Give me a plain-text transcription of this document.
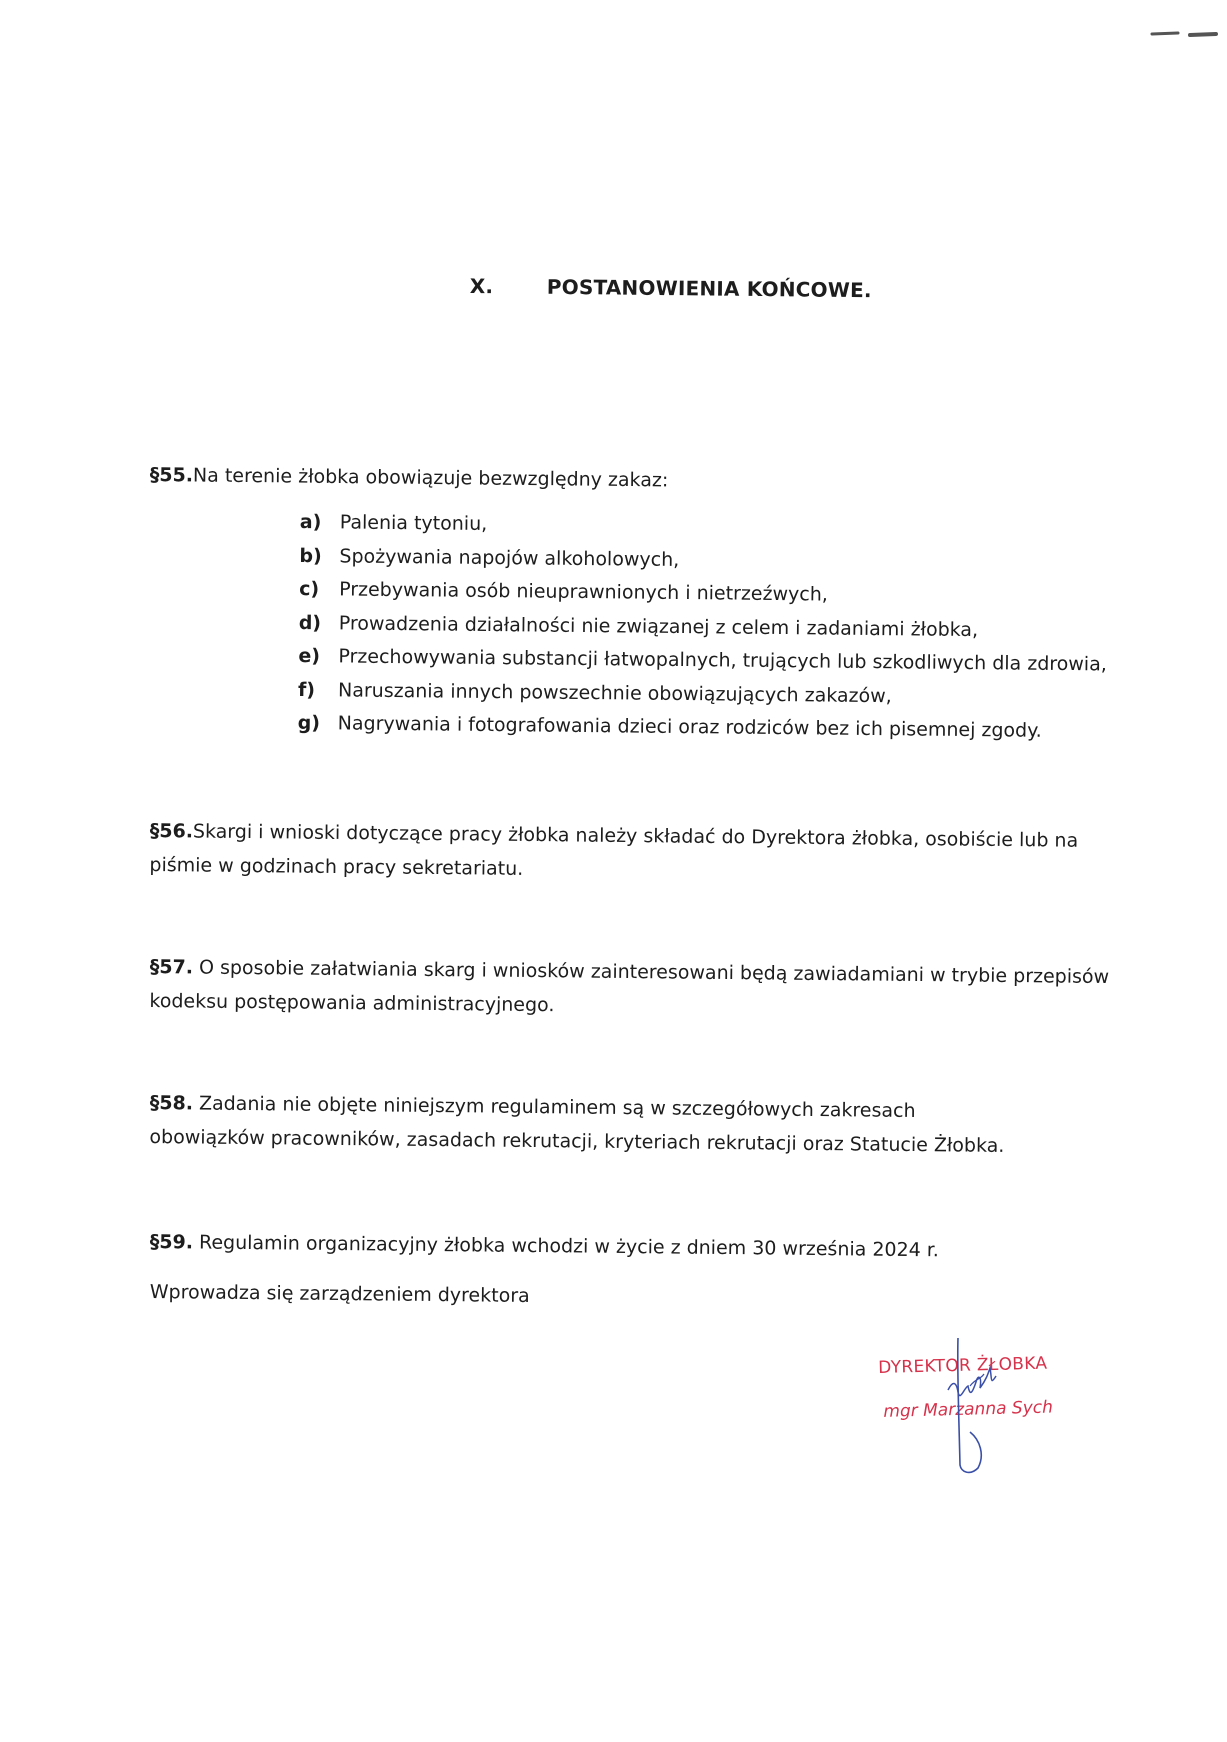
X.	POSTANOWIENIA KOŃCOWE.
§55.Na terenie żłobka obowiązuje bezwzględny zakaz:
a) Palenia tytoniu,
b) Spożywania napojów alkoholowych,
c) Przebywania osób nieuprawnionych i nietrzeźwych,
d) Prowadzenia działalności nie związanej z celem i zadaniami żłobka,
e) Przechowywania substancji łatwopalnych, trujących lub szkodliwych dla zdrowia,
f) Naruszania innych powszechnie obowiązujących zakazów,
g) Nagrywania i fotografowania dzieci oraz rodziców bez ich pisemnej zgody.
§56.Skargi i wnioski dotyczące pracy żłobka należy składać do Dyrektora żłobka, osobiście lub na piśmie w godzinach pracy sekretariatu.
§57. O sposobie załatwiania skarg i wniosków zainteresowani będą zawiadamiani w trybie przepisów kodeksu postępowania administracyjnego.
§58. Zadania nie objęte niniejszym regulaminem są w szczegółowych zakresach obowiązków pracowników, zasadach rekrutacji, kryteriach rekrutacji oraz Statucie Żłobka.
§59. Regulamin organizacyjny żłobka wchodzi w życie z dniem 30 września 2024 r.
Wprowadza się zarządzeniem dyrektora
DYREKTOR ŻŁOBKA
mgr Marzanna Sych
